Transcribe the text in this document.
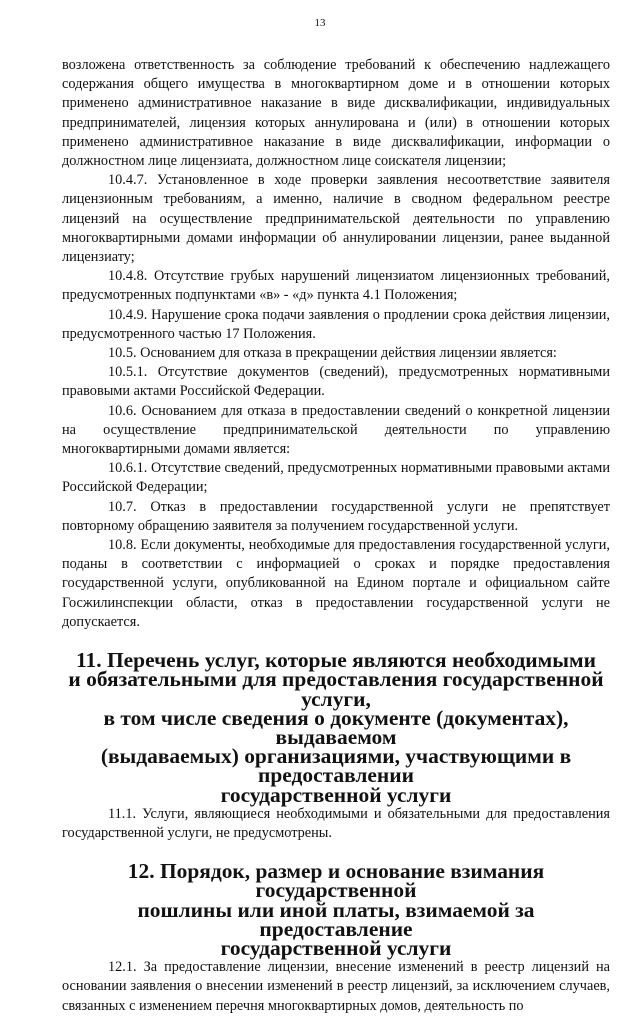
13

возложена ответственность за соблюдение требований к обеспечению надлежащего содержания общего имущества в многоквартирном доме и в отношении которых применено административное наказание в виде дисквалификации, индивидуальных предпринимателей, лицензия которых аннулирована и (или) в отношении которых применено административное наказание в виде дисквалификации, информации о должностном лице лицензиата, должностном лице соискателя лицензии;

10.4.7. Установленное в ходе проверки заявления несоответствие заявителя лицензионным требованиям, а именно, наличие в сводном федеральном реестре лицензий на осуществление предпринимательской деятельности по управлению многоквартирными домами информации об аннулировании лицензии, ранее выданной лицензиату;

10.4.8. Отсутствие грубых нарушений лицензиатом лицензионных требований, предусмотренных подпунктами «в» - «д» пункта 4.1 Положения;

10.4.9. Нарушение срока подачи заявления о продлении срока действия лицензии, предусмотренного частью 17 Положения.

10.5. Основанием для отказа в прекращении действия лицензии является:

10.5.1. Отсутствие документов (сведений), предусмотренных нормативными правовыми актами Российской Федерации.

10.6. Основанием для отказа в предоставлении сведений о конкретной лицензии на осуществление предпринимательской деятельности по управлению многоквартирными домами является:

10.6.1. Отсутствие сведений, предусмотренных нормативными правовыми актами Российской Федерации;

10.7. Отказ в предоставлении государственной услуги не препятствует повторному обращению заявителя за получением государственной услуги.

10.8. Если документы, необходимые для предоставления государственной услуги, поданы в соответствии с информацией о сроках и порядке предоставления государственной услуги, опубликованной на Едином портале и официальном сайте Госжилинспекции области, отказ в предоставлении государственной услуги не допускается.

11. Перечень услуг, которые являются необходимыми
и обязательными для предоставления государственной услуги,
в том числе сведения о документе (документах), выдаваемом
(выдаваемых) организациями, участвующими в предоставлении
государственной услуги

11.1. Услуги, являющиеся необходимыми и обязательными для предоставления государственной услуги, не предусмотрены.

12. Порядок, размер и основание взимания государственной
пошлины или иной платы, взимаемой за предоставление
государственной услуги

12.1. За предоставление лицензии, внесение изменений в реестр лицензий на основании заявления о внесении изменений в реестр лицензий, за исключением случаев, связанных с изменением перечня многоквартирных домов, деятельность по
